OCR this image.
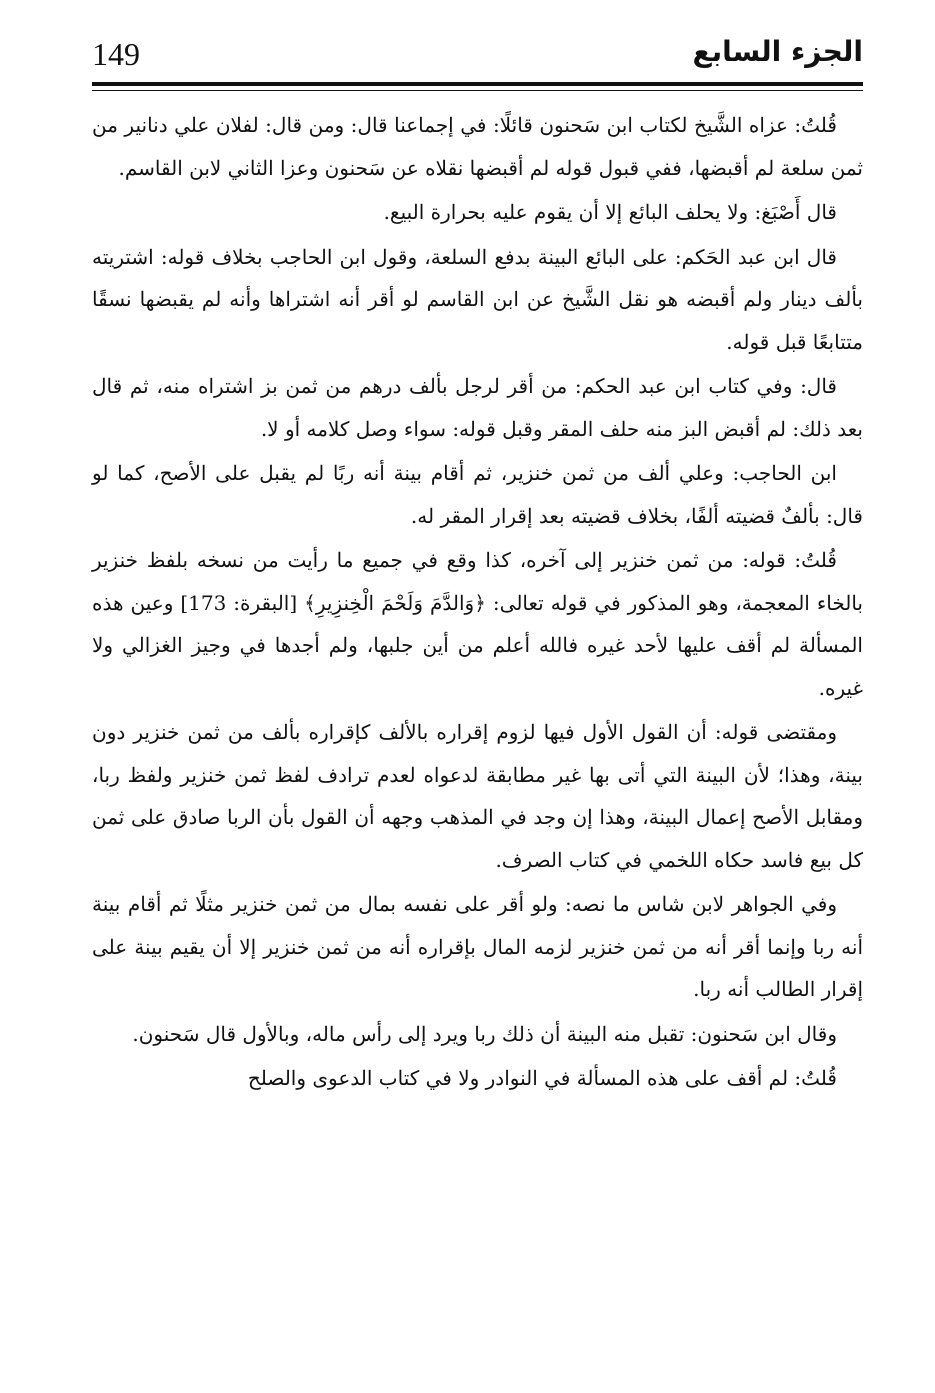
149	الجزء السابع

قُلتُ: عزاه الشَّيخ لكتاب ابن سَحنون قائلًا: في إجماعنا قال: ومن قال: لفلان علي دنانير من ثمن سلعة لم أقبضها، ففي قبول قوله لم أقبضها نقلاه عن سَحنون وعزا الثاني لابن القاسم.

قال أَصْبَغ: ولا يحلف البائع إلا أن يقوم عليه بحرارة البيع.

قال ابن عبد الحَكم: على البائع البينة بدفع السلعة، وقول ابن الحاجب بخلاف قوله: اشتريته بألف دينار ولم أقبضه هو نقل الشَّيخ عن ابن القاسم لو أقر أنه اشتراها وأنه لم يقبضها نسقًا متتابعًا قبل قوله.

قال: وفي كتاب ابن عبد الحكم: من أقر لرجل بألف درهم من ثمن بز اشتراه منه، ثم قال بعد ذلك: لم أقبض البز منه حلف المقر وقبل قوله: سواء وصل كلامه أو لا.

ابن الحاجب: وعلي ألف من ثمن خنزير، ثم أقام بينة أنه ربًا لم يقبل على الأصح، كما لو قال: بألفٌ قضيته ألفًا، بخلاف قضيته بعد إقرار المقر له.

قُلتُ: قوله: من ثمن خنزير إلى آخره، كذا وقع في جميع ما رأيت من نسخه بلفظ خنزير بالخاء المعجمة، وهو المذكور في قوله تعالى: ﴿وَالدَّمَ وَلَحْمَ الْخِنزِيرِ﴾ [البقرة: 173] وعين هذه المسألة لم أقف عليها لأحد غيره فالله أعلم من أين جلبها، ولم أجدها في وجيز الغزالي ولا غيره.

ومقتضى قوله: أن القول الأول فيها لزوم إقراره بالألف كإقراره بألف من ثمن خنزير دون بينة، وهذا؛ لأن البينة التي أتى بها غير مطابقة لدعواه لعدم ترادف لفظ ثمن خنزير ولفظ ربا، ومقابل الأصح إعمال البينة، وهذا إن وجد في المذهب وجهه أن القول بأن الربا صادق على ثمن كل بيع فاسد حكاه اللخمي في كتاب الصرف.

وفي الجواهر لابن شاس ما نصه: ولو أقر على نفسه بمال من ثمن خنزير مثلًا ثم أقام بينة أنه ربا وإنما أقر أنه من ثمن خنزير لزمه المال بإقراره أنه من ثمن خنزير إلا أن يقيم بينة على إقرار الطالب أنه ربا.

وقال ابن سَحنون: تقبل منه البينة أن ذلك ربا ويرد إلى رأس ماله، وبالأول قال سَحنون.

قُلتُ: لم أقف على هذه المسألة في النوادر ولا في كتاب الدعوى والصلح
